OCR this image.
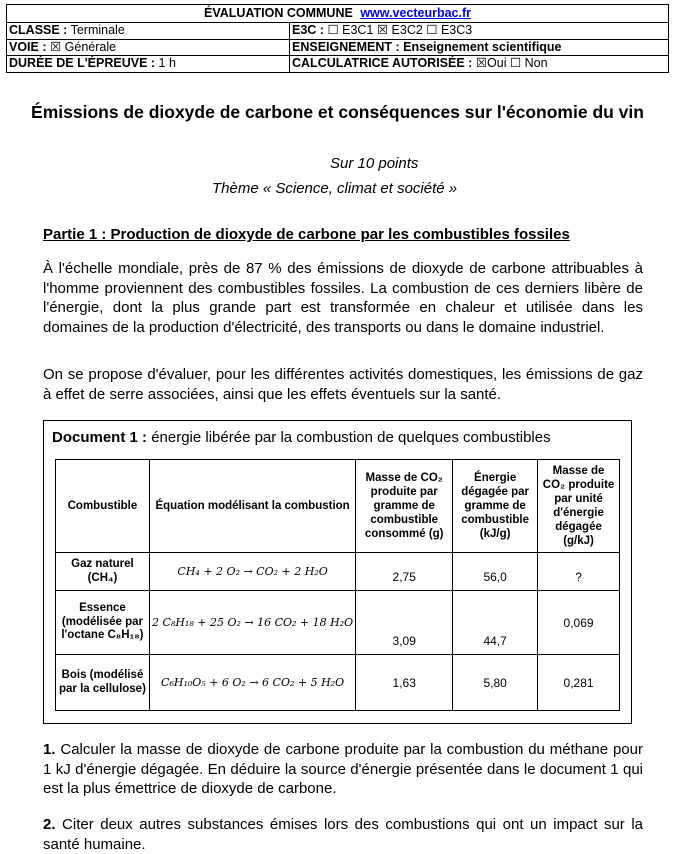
ÉVALUATION COMMUNE www.vecteurbac.fr
CLASSE : Terminale	E3C : ☐ E3C1 ☒ E3C2 ☐ E3C3
VOIE : ☒ Générale	ENSEIGNEMENT : Enseignement scientifique
DURÉE DE L'ÉPREUVE : 1 h	CALCULATRICE AUTORISÉE : ☒Oui ☐ Non
Émissions de dioxyde de carbone et conséquences sur l'économie du vin
Sur 10 points
Thème « Science, climat et société »
Partie 1 : Production de dioxyde de carbone par les combustibles fossiles
À l'échelle mondiale, près de 87 % des émissions de dioxyde de carbone attribuables à l'homme proviennent des combustibles fossiles. La combustion de ces derniers libère de l'énergie, dont la plus grande part est transformée en chaleur et utilisée dans les domaines de la production d'électricité, des transports ou dans le domaine industriel.
On se propose d'évaluer, pour les différentes activités domestiques, les émissions de gaz à effet de serre associées, ainsi que les effets éventuels sur la santé.
Document 1 : énergie libérée par la combustion de quelques combustibles
Combustible	Équation modélisant la combustion	Masse de CO₂ produite par gramme de combustible consommé (g)	Énergie dégagée par gramme de combustible (kJ/g)	Masse de CO₂ produite par unité d'énergie dégagée (g/kJ)
Gaz naturel (CH₄)	CH₄ + 2 O₂ → CO₂ + 2 H₂O	2,75	56,0	?
Essence (modélisée par l'octane C₈H₁₈)	2 C₈H₁₈ + 25 O₂ → 16 CO₂ + 18 H₂O	3,09	44,7	0,069
Bois (modélisé par la cellulose)	C₆H₁₀O₅ + 6 O₂ → 6 CO₂ + 5 H₂O	1,63	5,80	0,281
1. Calculer la masse de dioxyde de carbone produite par la combustion du méthane pour 1 kJ d'énergie dégagée. En déduire la source d'énergie présentée dans le document 1 qui est la plus émettrice de dioxyde de carbone.
2. Citer deux autres substances émises lors des combustions qui ont un impact sur la santé humaine.
